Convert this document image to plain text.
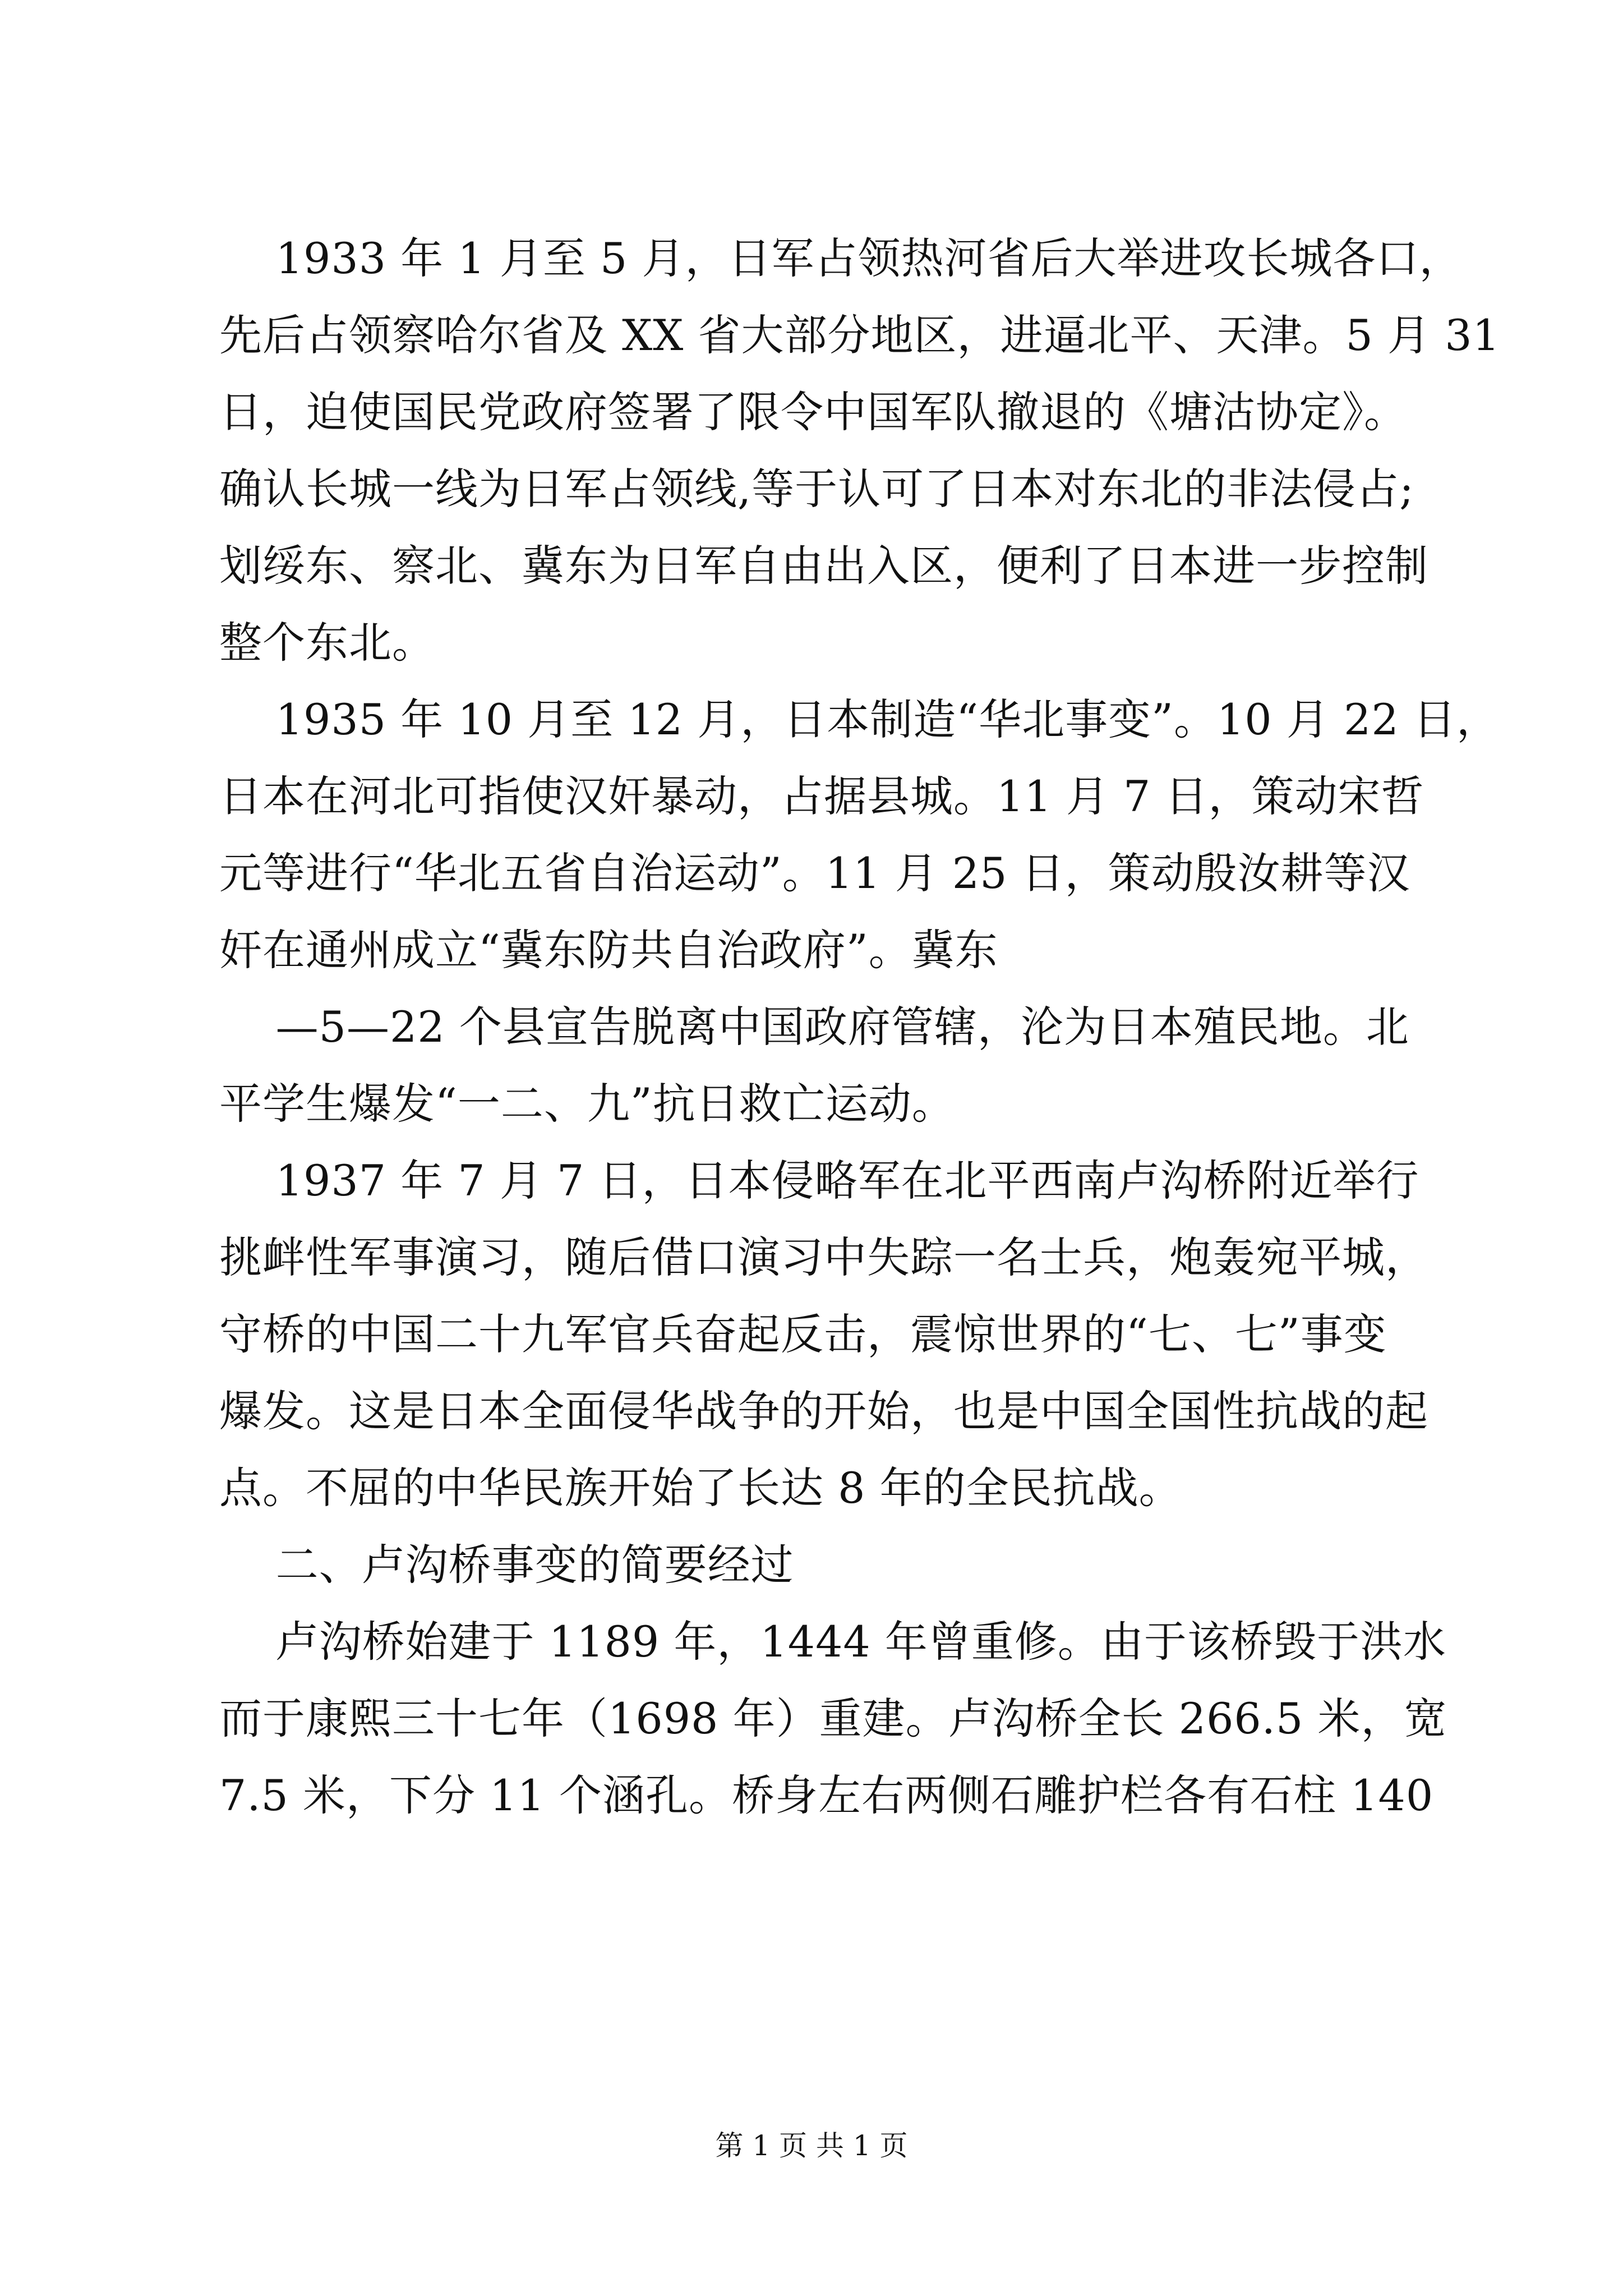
1933 年 1 月至 5 月，日军占领热河省后大举进攻长城各口，
先后占领察哈尔省及 XX 省大部分地区，进逼北平、天津。5 月 31
日，迫使国民党政府签署了限令中国军队撤退的《塘沽协定》。
确认长城一线为日军占领线,等于认可了日本对东北的非法侵占;
划绥东、察北、冀东为日军自由出入区，便利了日本进一步控制
整个东北。
1935 年 10 月至 12 月，日本制造“华北事变”。10 月 22 日，
日本在河北可指使汉奸暴动，占据县城。11 月 7 日，策动宋哲
元等进行“华北五省自治运动”。11 月 25 日，策动殷汝耕等汉
奸在通州成立“冀东防共自治政府”。冀东
—5—22 个县宣告脱离中国政府管辖，沦为日本殖民地。北
平学生爆发“一二、九”抗日救亡运动。
1937 年 7 月 7 日，日本侵略军在北平西南卢沟桥附近举行
挑衅性军事演习，随后借口演习中失踪一名士兵，炮轰宛平城，
守桥的中国二十九军官兵奋起反击，震惊世界的“七、七”事变
爆发。这是日本全面侵华战争的开始，也是中国全国性抗战的起
点。不屈的中华民族开始了长达 8 年的全民抗战。
二、卢沟桥事变的简要经过
卢沟桥始建于 1189 年，1444 年曾重修。由于该桥毁于洪水
而于康熙三十七年（1698 年）重建。卢沟桥全长 266.5 米，宽
7.5 米，下分 11 个涵孔。桥身左右两侧石雕护栏各有石柱 140
第 1 页 共 1 页
